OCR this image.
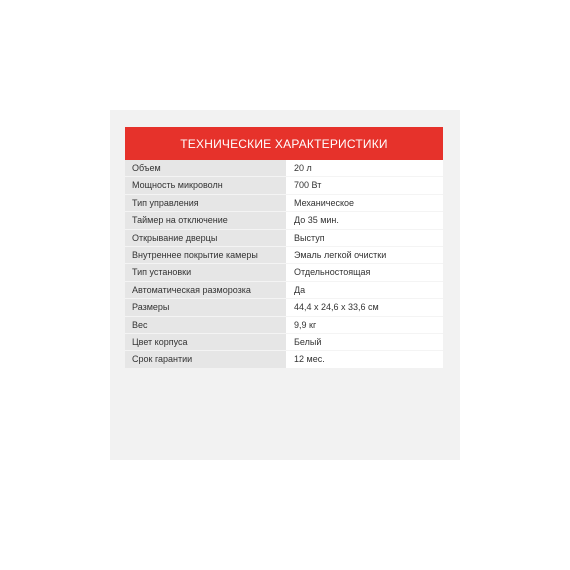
ТЕХНИЧЕСКИЕ ХАРАКТЕРИСТИКИ
Объем	20 л
Мощность микроволн	700 Вт
Тип управления	Механическое
Таймер на отключение	До 35 мин.
Открывание дверцы	Выступ
Внутреннее покрытие камеры	Эмаль легкой очистки
Тип установки	Отдельностоящая
Автоматическая разморозка	Да
Размеры	44,4 x 24,6 x 33,6 см
Вес	9,9 кг
Цвет корпуса	Белый
Срок гарантии	12 мес.
